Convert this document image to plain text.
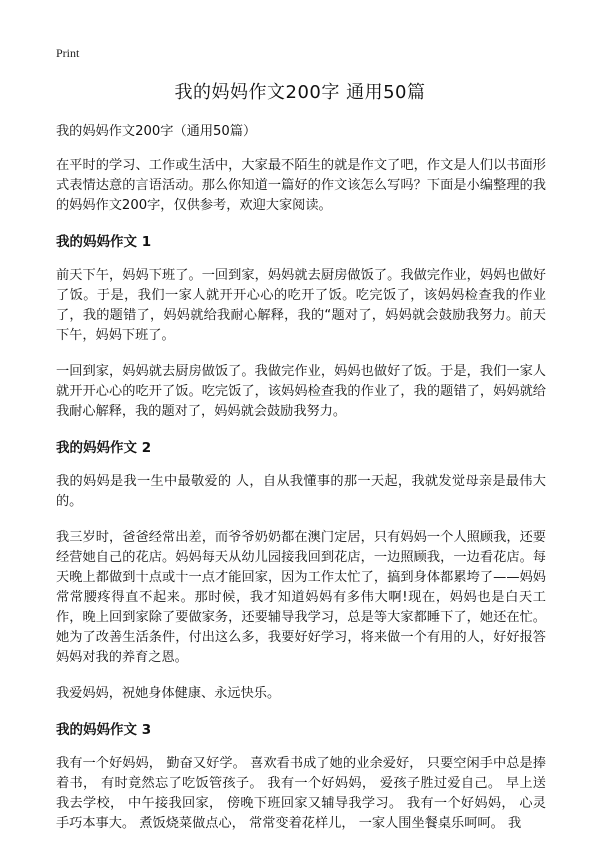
Print
我的妈妈作文200字 通用50篇

我的妈妈作文200字（通用50篇）

在平时的学习、工作或生活中，大家最不陌生的就是作文了吧，作文是人们以书面形式表情达意的言语活动。那么你知道一篇好的作文该怎么写吗？下面是小编整理的我的妈妈作文200字，仅供参考，欢迎大家阅读。

我的妈妈作文 1

前天下午，妈妈下班了。一回到家，妈妈就去厨房做饭了。我做完作业，妈妈也做好了饭。于是，我们一家人就开开心心的吃开了饭。吃完饭了，该妈妈检查我的作业了，我的题错了，妈妈就给我耐心解释，我的“题对了，妈妈就会鼓励我努力。前天下午，妈妈下班了。

一回到家，妈妈就去厨房做饭了。我做完作业，妈妈也做好了饭。于是，我们一家人就开开心心的吃开了饭。吃完饭了，该妈妈检查我的作业了，我的题错了，妈妈就给我耐心解释，我的题对了，妈妈就会鼓励我努力。

我的妈妈作文 2

我的妈妈是我一生中最敬爱的 人，自从我懂事的那一天起，我就发觉母亲是最伟大的。

我三岁时，爸爸经常出差，而爷爷奶奶都在澳门定居，只有妈妈一个人照顾我，还要经营她自己的花店。妈妈每天从幼儿园接我回到花店，一边照顾我，一边看花店。每天晚上都做到十点或十一点才能回家，因为工作太忙了，搞到身体都累垮了——妈妈常常腰疼得直不起来。那时候，我才知道妈妈有多伟大啊!现在，妈妈也是白天工作，晚上回到家除了要做家务，还要辅导我学习，总是等大家都睡下了，她还在忙。她为了改善生活条件，付出这么多，我要好好学习，将来做一个有用的人，好好报答妈妈对我的养育之恩。

我爱妈妈，祝她身体健康、永远快乐。

我的妈妈作文 3

我有一个好妈妈， 勤奋又好学。 喜欢看书成了她的业余爱好， 只要空闲手中总是捧着书， 有时竟然忘了吃饭管孩子。 我有一个好妈妈， 爱孩子胜过爱自己。 早上送我去学校， 中午接我回家， 傍晚下班回家又辅导我学习。 我有一个好妈妈， 心灵手巧本事大。 煮饭烧菜做点心， 常常变着花样儿， 一家人围坐餐桌乐呵呵。 我
